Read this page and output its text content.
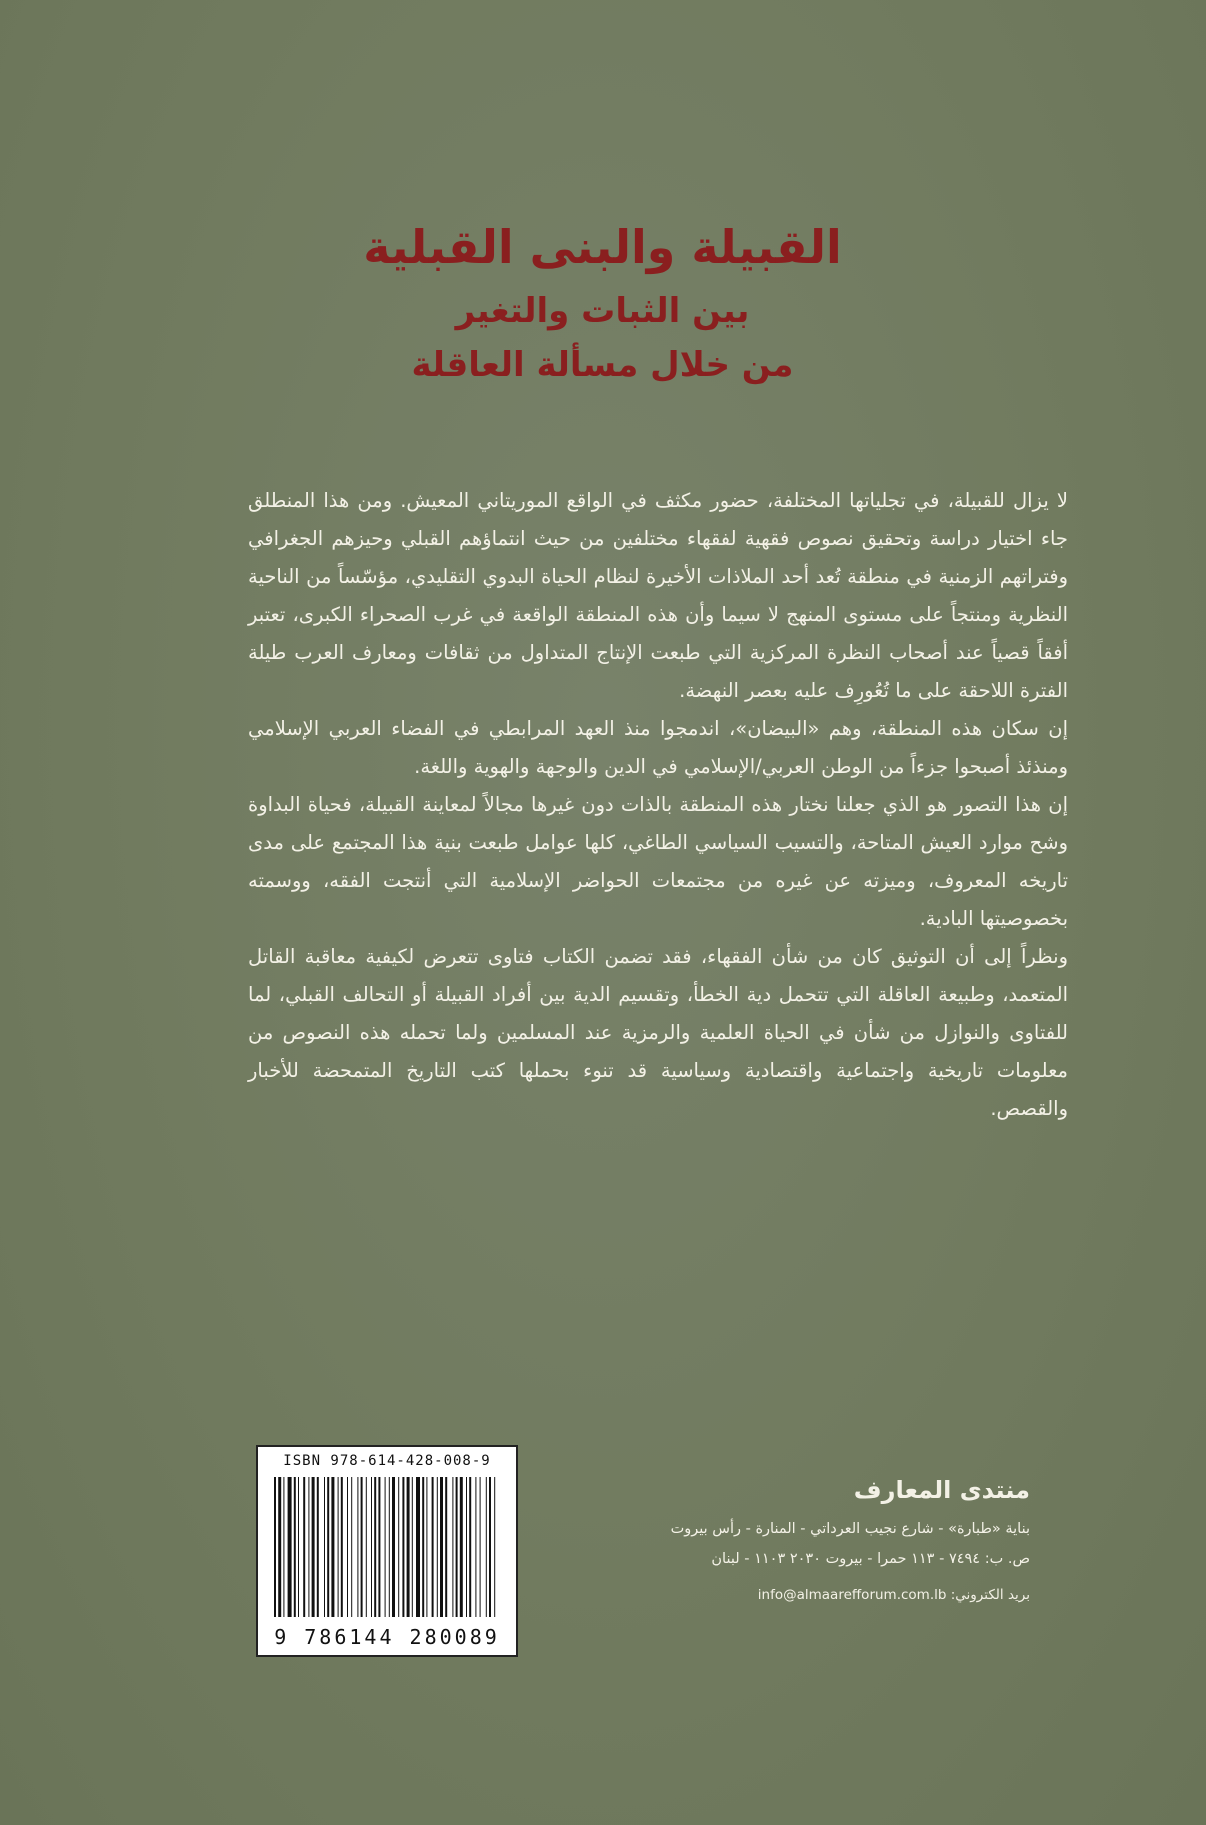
القبيلة والبنى القبلية
بين الثبات والتغير
من خلال مسألة العاقلة

لا يزال للقبيلة، في تجلياتها المختلفة، حضور مكثف في الواقع الموريتاني المعيش. ومن هذا المنطلق جاء اختيار دراسة وتحقيق نصوص فقهية لفقهاء مختلفين من حيث انتماؤهم القبلي وحيزهم الجغرافي وفتراتهم الزمنية في منطقة تُعد أحد الملاذات الأخيرة لنظام الحياة البدوي التقليدي، مؤسّساً من الناحية النظرية ومنتجاً على مستوى المنهج لا سيما وأن هذه المنطقة الواقعة في غرب الصحراء الكبرى، تعتبر أفقاً قصياً عند أصحاب النظرة المركزية التي طبعت الإنتاج المتداول من ثقافات ومعارف العرب طيلة الفترة اللاحقة على ما تُعُورِف عليه بعصر النهضة.

إن سكان هذه المنطقة، وهم «البيضان»، اندمجوا منذ العهد المرابطي في الفضاء العربي الإسلامي ومنذئذ أصبحوا جزءاً من الوطن العربي/الإسلامي في الدين والوجهة والهوية واللغة.

إن هذا التصور هو الذي جعلنا نختار هذه المنطقة بالذات دون غيرها مجالاً لمعاينة القبيلة، فحياة البداوة وشح موارد العيش المتاحة، والتسيب السياسي الطاغي، كلها عوامل طبعت بنية هذا المجتمع على مدى تاريخه المعروف، وميزته عن غيره من مجتمعات الحواضر الإسلامية التي أنتجت الفقه، ووسمته بخصوصيتها البادية.

ونظراً إلى أن التوثيق كان من شأن الفقهاء، فقد تضمن الكتاب فتاوى تتعرض لكيفية معاقبة القاتل المتعمد، وطبيعة العاقلة التي تتحمل دية الخطأ، وتقسيم الدية بين أفراد القبيلة أو التحالف القبلي، لما للفتاوى والنوازل من شأن في الحياة العلمية والرمزية عند المسلمين ولما تحمله هذه النصوص من معلومات تاريخية واجتماعية واقتصادية وسياسية قد تنوء بحملها كتب التاريخ المتمحضة للأخبار والقصص.

ISBN 978-614-428-008-9
9 786144 280089
منتدى المعارف

بناية «طبارة» - شارع نجيب العرداتي - المنارة - رأس بيروت

ص. ب: ٧٤٩٤ - ١١٣ حمرا - بيروت ٢٠٣٠ ١١٠٣ - لبنان

بريد الكتروني: info@almaarefforum.com.lb
